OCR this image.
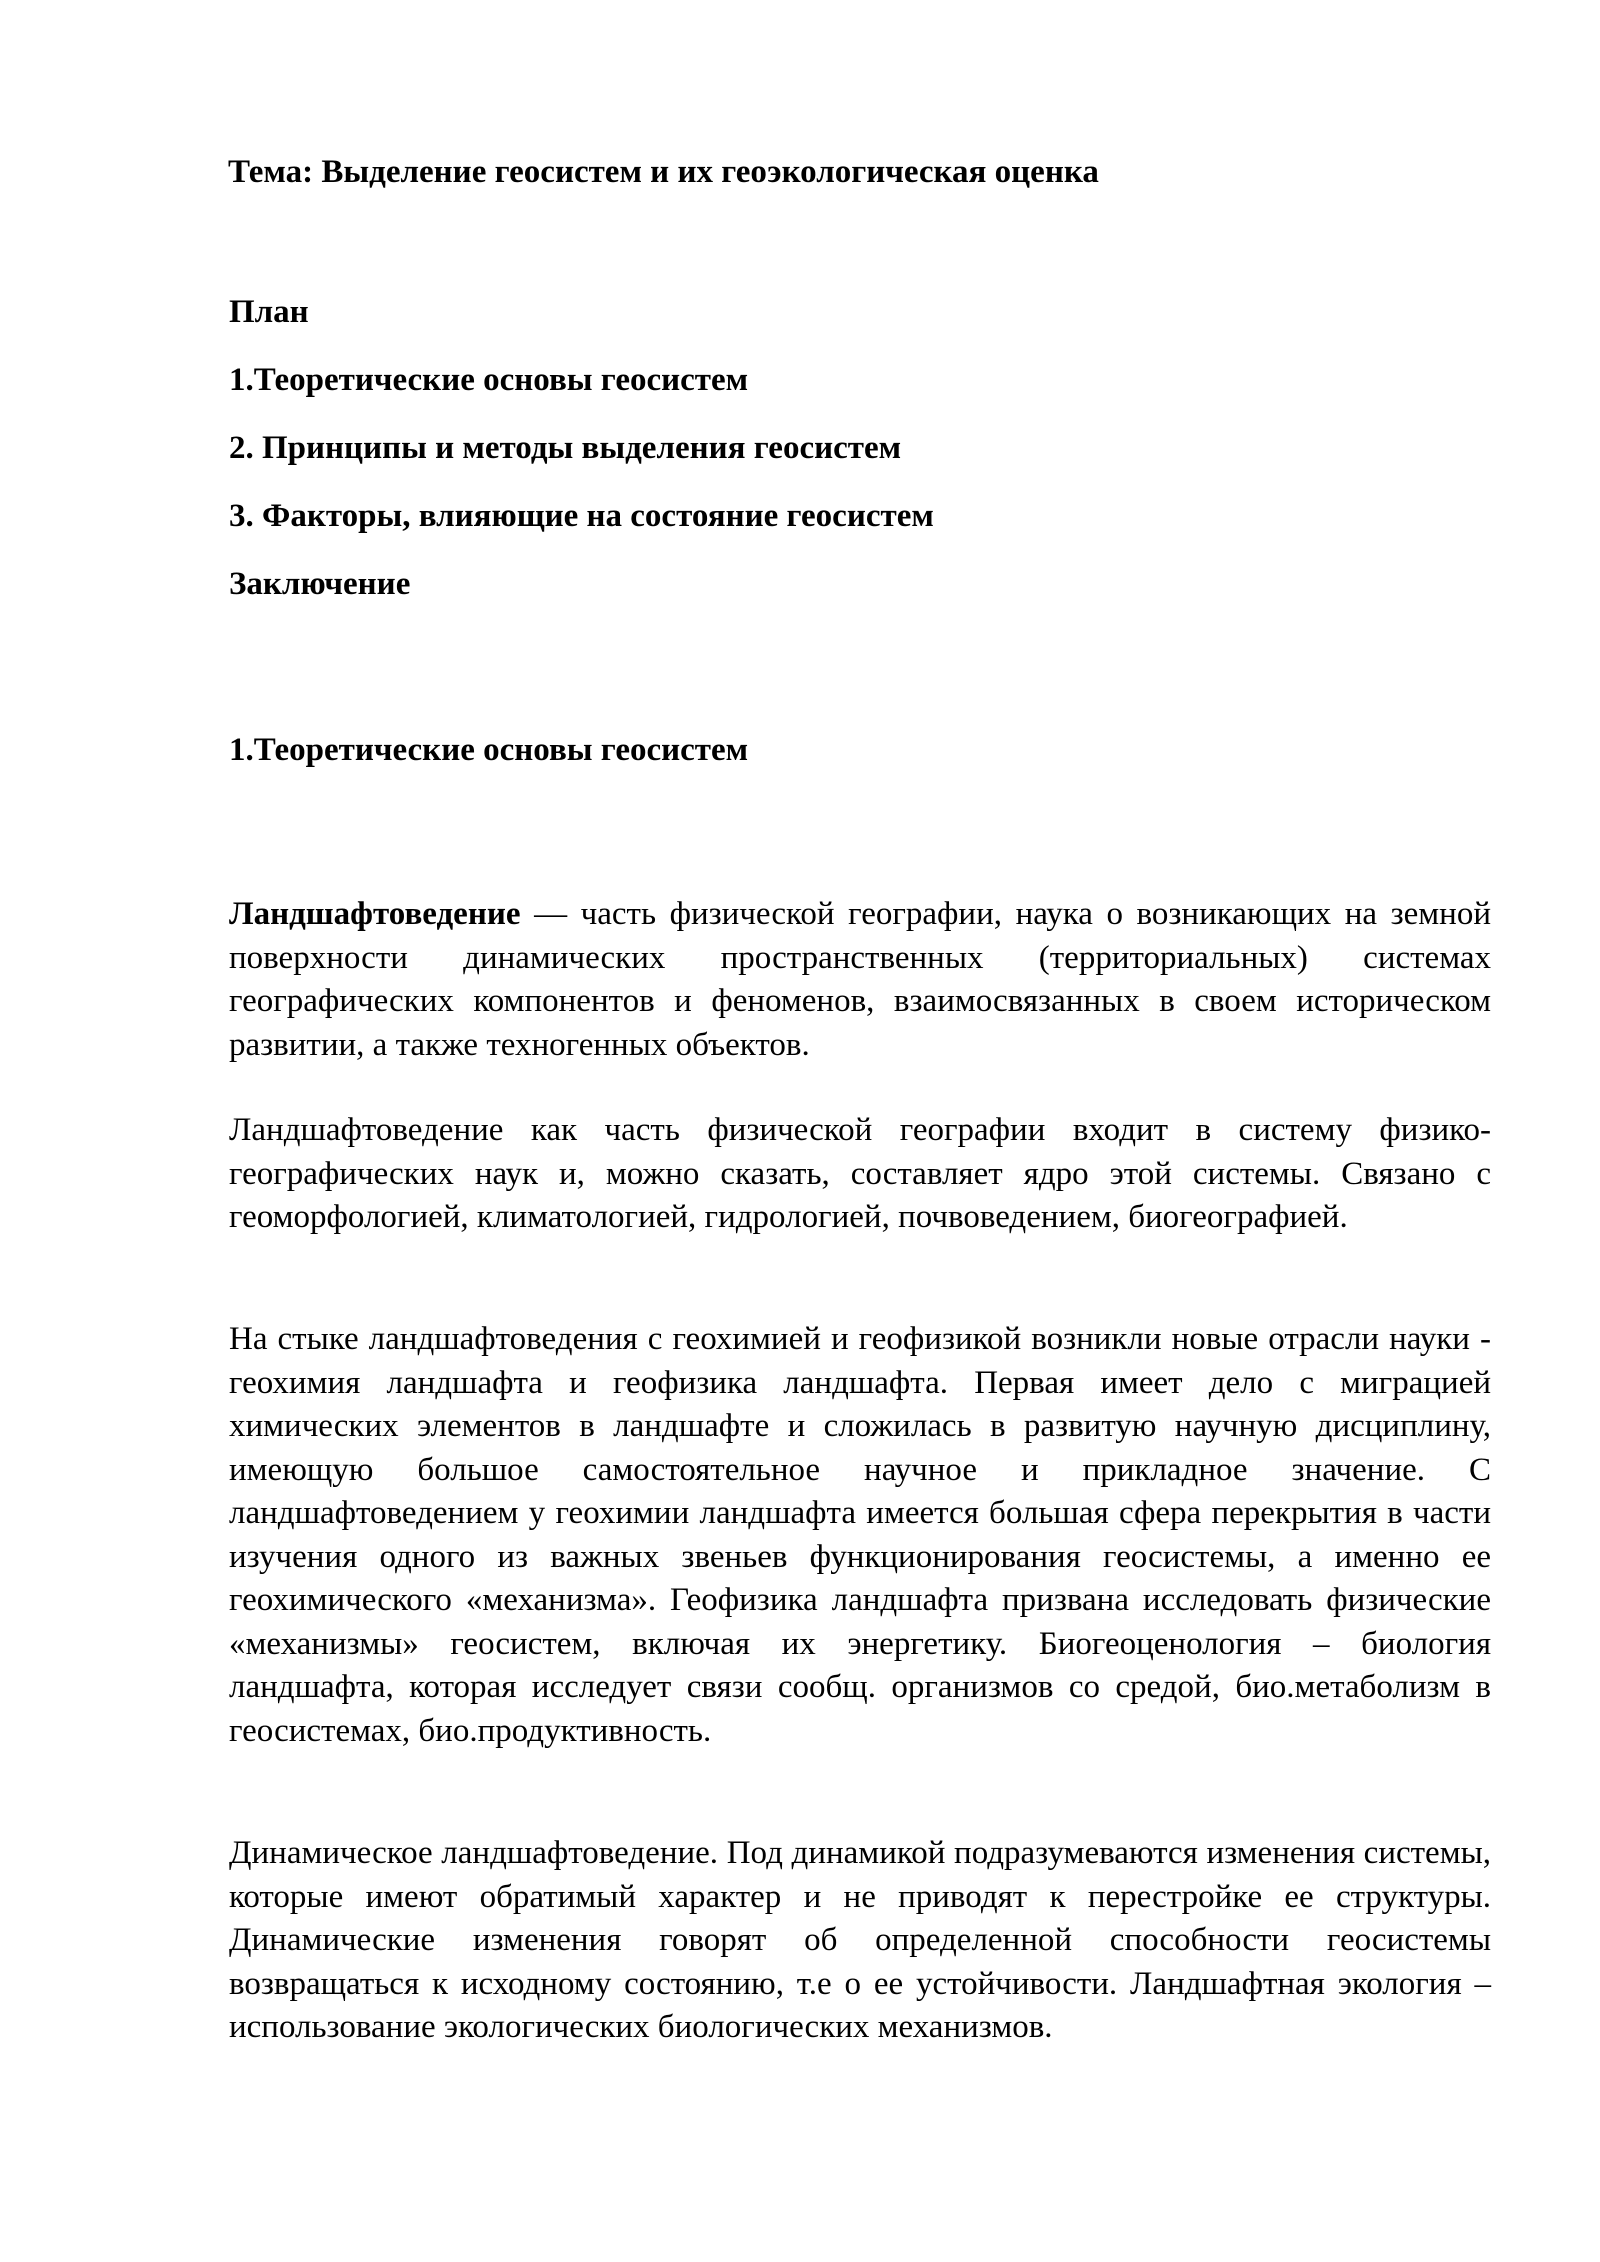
Тема: Выделение геосистем и их геоэкологическая оценка
План
1.Теоретические основы геосистем
2. Принципы и методы выделения геосистем
3. Факторы, влияющие на состояние геосистем
Заключение
1.Теоретические основы геосистем

Ландшафтоведение — часть физической географии, наука о возникающих на земной поверхности динамических пространственных (территориальных) системах географических компонентов и феноменов, взаимосвязанных в своем историческом развитии, а также техногенных объектов.

Ландшафтоведение как часть физической географии входит в систему физико-географических наук и, можно сказать, составляет ядро этой системы. Связано с геоморфологией, климатологией, гидрологией, почвоведением, биогеографией.

На стыке ландшафтоведения с геохимией и геофизикой возникли новые отрасли науки - геохимия ландшафта и геофизика ландшафта. Первая имеет дело с миграцией химических элементов в ландшафте и сложилась в развитую научную дисциплину, имеющую большое самостоятельное научное и прикладное значение. С ландшафтоведением у геохимии ландшафта имеется большая сфера перекрытия в части изучения одного из важных звеньев функционирования геосистемы, а именно ее геохимического «механизма». Геофизика ландшафта призвана исследовать физические «механизмы» геосистем, включая их энергетику. Биогеоценология – биология ландшафта, которая исследует связи сообщ. организмов со средой, био.метаболизм в геосистемах, био.продуктивность.

Динамическое ландшафтоведение. Под динамикой подразумеваются изменения системы, которые имеют обратимый характер и не приводят к перестройке ее структуры. Динамические изменения говорят об определенной способности геосистемы возвращаться к исходному состоянию, т.е о ее устойчивости. Ландшафтная экология – использование экологических биологических механизмов.
